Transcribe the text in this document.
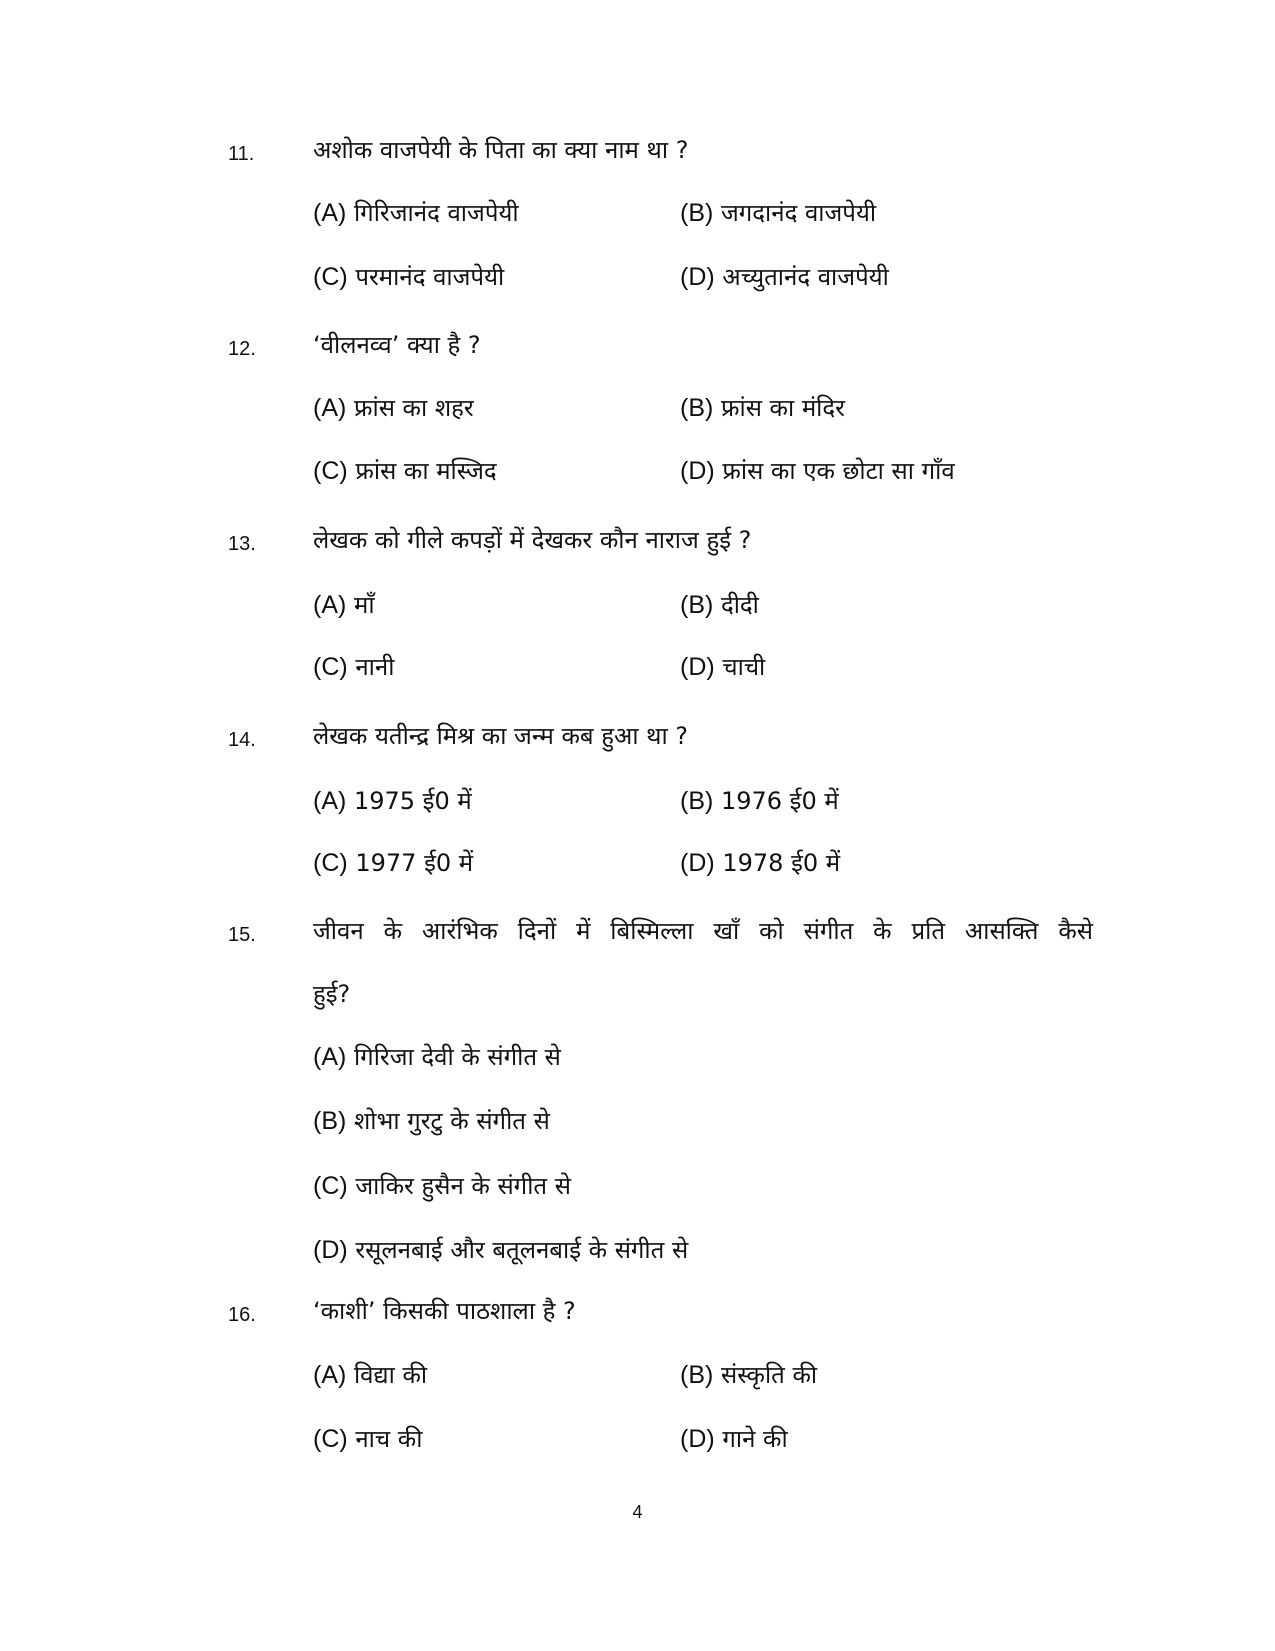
11. अशोक वाजपेयी के पिता का क्या नाम था ?
(A) गिरिजानंद वाजपेयी	(B) जगदानंद वाजपेयी
(C) परमानंद वाजपेयी	(D) अच्युतानंद वाजपेयी
12. ‘वीलनव्व’ क्या है ?
(A) फ्रांस का शहर	(B) फ्रांस का मंदिर
(C) फ्रांस का मस्जिद	(D) फ्रांस का एक छोटा सा गाँव
13. लेखक को गीले कपड़ों में देखकर कौन नाराज हुई ?
(A) माँ	(B) दीदी
(C) नानी	(D) चाची
14. लेखक यतीन्द्र मिश्र का जन्म कब हुआ था ?
(A) 1975 ई0 में	(B) 1976 ई0 में
(C) 1977 ई0 में	(D) 1978 ई0 में
15. जीवन के आरंभिक दिनों में बिस्मिल्ला खाँ को संगीत के प्रति आसक्ति कैसे
हुई?
(A) गिरिजा देवी के संगीत से
(B) शोभा गुरटु के संगीत से
(C) जाकिर हुसैन के संगीत से
(D) रसूलनबाई और बतूलनबाई के संगीत से
16. ‘काशी’ किसकी पाठशाला है ?
(A) विद्या की	(B) संस्कृति की
(C) नाच की	(D) गाने की
4
